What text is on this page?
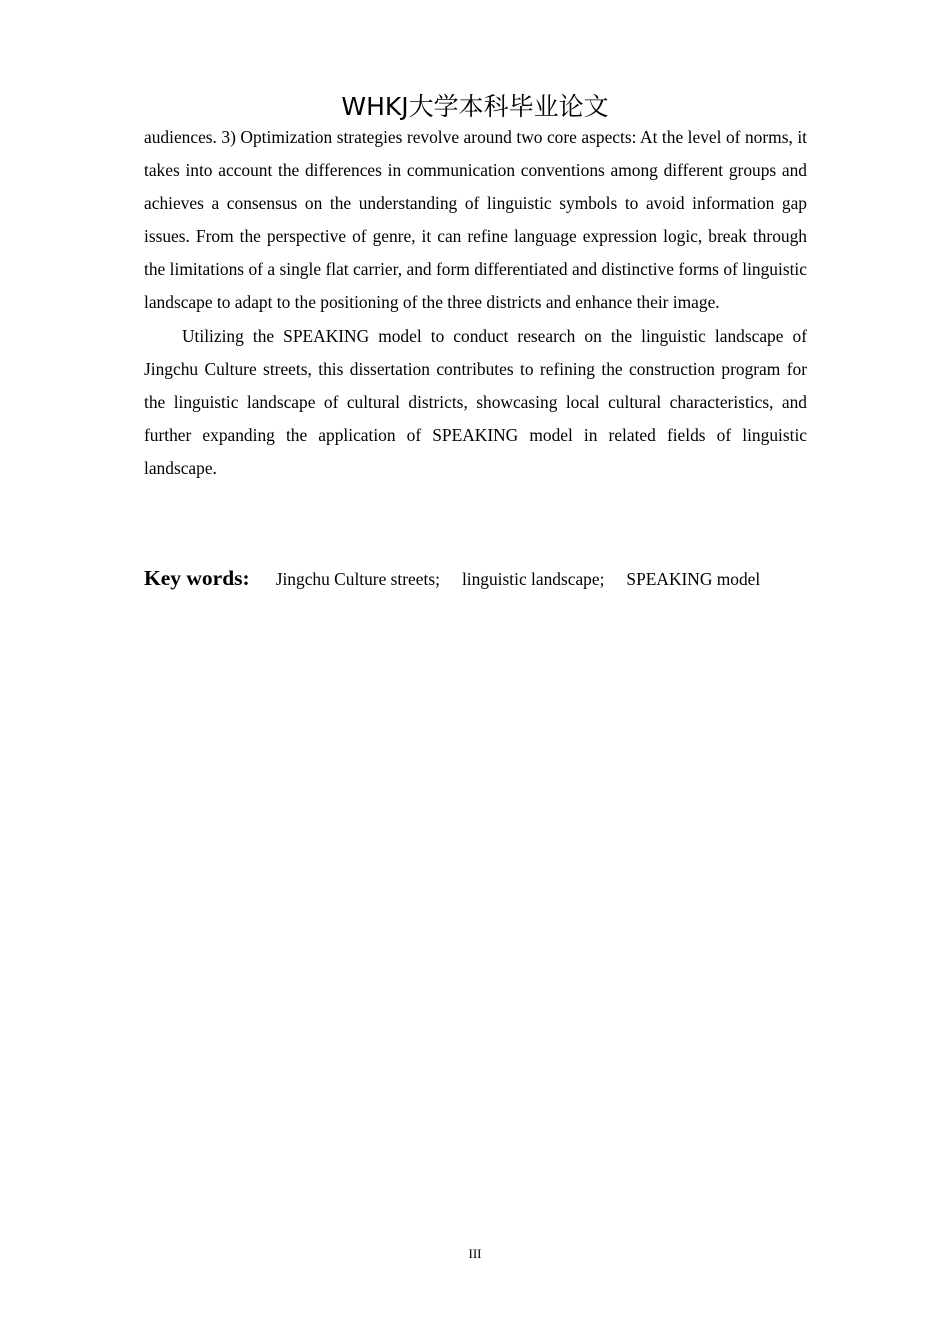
WHKJ大学本科毕业论文

audiences. 3) Optimization strategies revolve around two core aspects: At the level of norms, it takes into account the differences in communication conventions among different groups and achieves a consensus on the understanding of linguistic symbols to avoid information gap issues. From the perspective of genre, it can refine language expression logic, break through the limitations of a single flat carrier, and form differentiated and distinctive forms of linguistic landscape to adapt to the positioning of the three districts and enhance their image.

Utilizing the SPEAKING model to conduct research on the linguistic landscape of Jingchu Culture streets, this dissertation contributes to refining the construction program for the linguistic landscape of cultural districts, showcasing local cultural characteristics, and further expanding the application of SPEAKING model in related fields of linguistic landscape.

Key words: Jingchu Culture streets; linguistic landscape; SPEAKING model
III
